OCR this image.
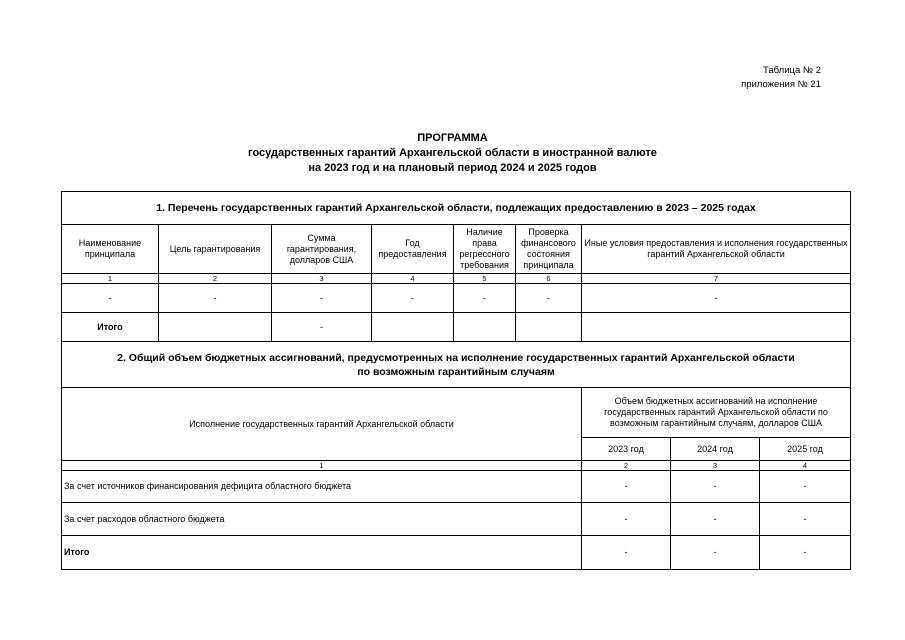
Таблица № 2
приложения № 21
ПРОГРАММА
государственных гарантий Архангельской области в иностранной валюте
на 2023 год и на плановый период 2024 и 2025 годов
1. Перечень государственных гарантий Архангельской области, подлежащих предоставлению в 2023 – 2025 годах						
Наименование принципала	Цель гарантирования	Сумма гарантирования, долларов США	Год предоставления	Наличие права регрессного требования	Проверка финансового состояния принципала	Иные условия предоставления и исполнения государственных гарантий Архангельской области
1	2	3	4	5	6	7
-	-	-	-	-	-	-
Итого		-				
2. Общий объем бюджетных ассигнований, предусмотренных на исполнение государственных гарантий Архангельской области
по возможным гарантийным случаям			

Исполнение государственных гарантий Архангельской области	Объем бюджетных ассигнований на исполнение государственных гарантий Архангельской области по возможным гарантийным случаям, долларов США		
	2023 год	2024 год	2025 год
1	2	3	4
За счет источников финансирования дефицита областного бюджета	-	-	-
За счет расходов областного бюджета	-	-	-
Итого	-	-	-
